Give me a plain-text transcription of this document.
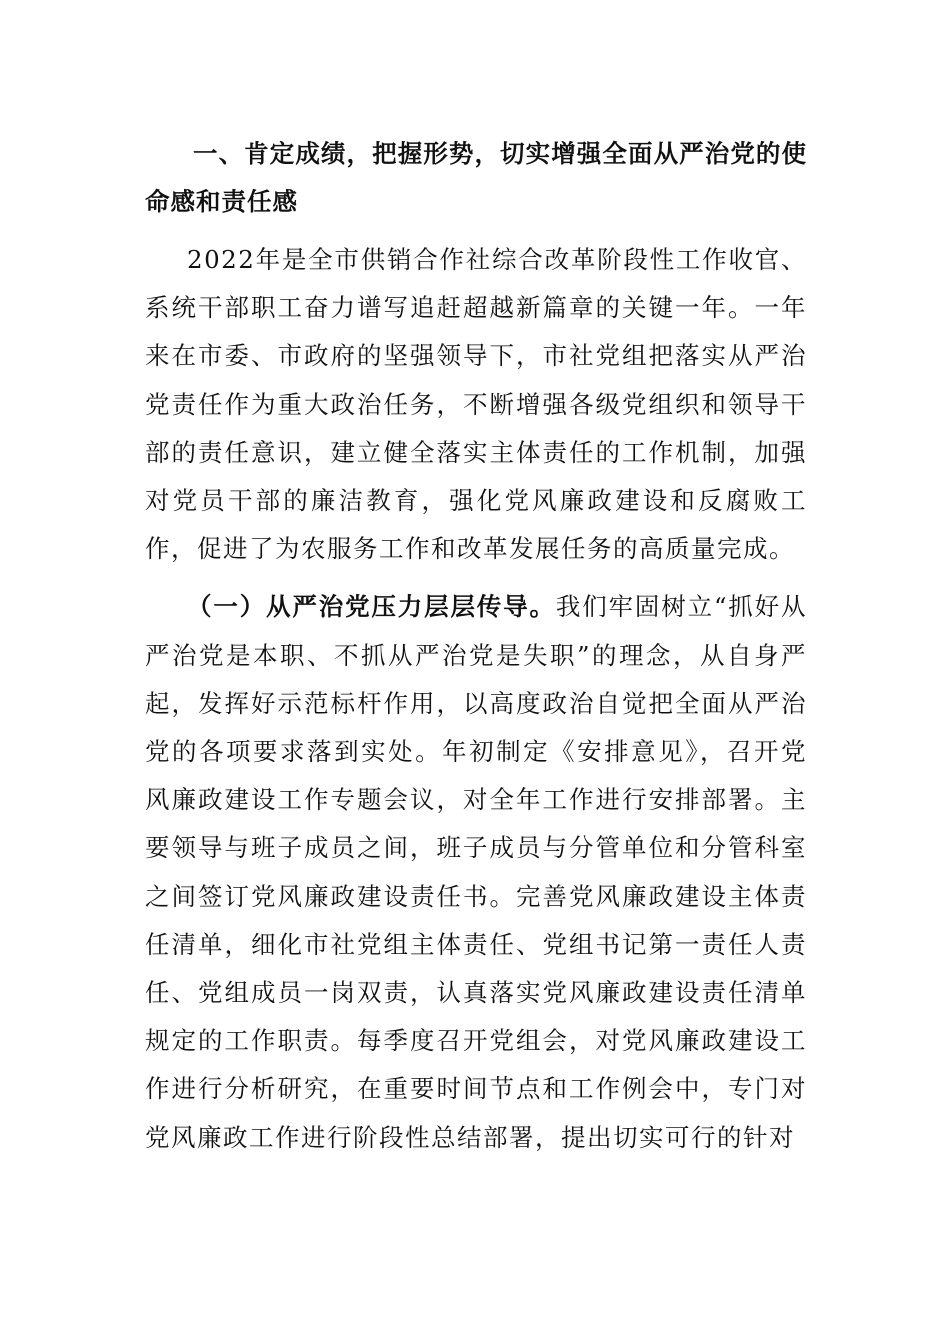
一、肯定成绩，把握形势，切实增强全面从严治党的使命感和责任感

2022年是全市供销合作社综合改革阶段性工作收官、系统干部职工奋力谱写追赶超越新篇章的关键一年。一年来在市委、市政府的坚强领导下，市社党组把落实从严治党责任作为重大政治任务，不断增强各级党组织和领导干部的责任意识，建立健全落实主体责任的工作机制，加强对党员干部的廉洁教育，强化党风廉政建设和反腐败工作，促进了为农服务工作和改革发展任务的高质量完成。

（一）从严治党压力层层传导。我们牢固树立“抓好从严治党是本职、不抓从严治党是失职”的理念，从自身严起，发挥好示范标杆作用，以高度政治自觉把全面从严治党的各项要求落到实处。年初制定《安排意见》，召开党风廉政建设工作专题会议，对全年工作进行安排部署。主要领导与班子成员之间，班子成员与分管单位和分管科室之间签订党风廉政建设责任书。完善党风廉政建设主体责任清单，细化市社党组主体责任、党组书记第一责任人责任、党组成员一岗双责，认真落实党风廉政建设责任清单规定的工作职责。每季度召开党组会，对党风廉政建设工作进行分析研究，在重要时间节点和工作例会中，专门对党风廉政工作进行阶段性总结部署，提出切实可行的针对
